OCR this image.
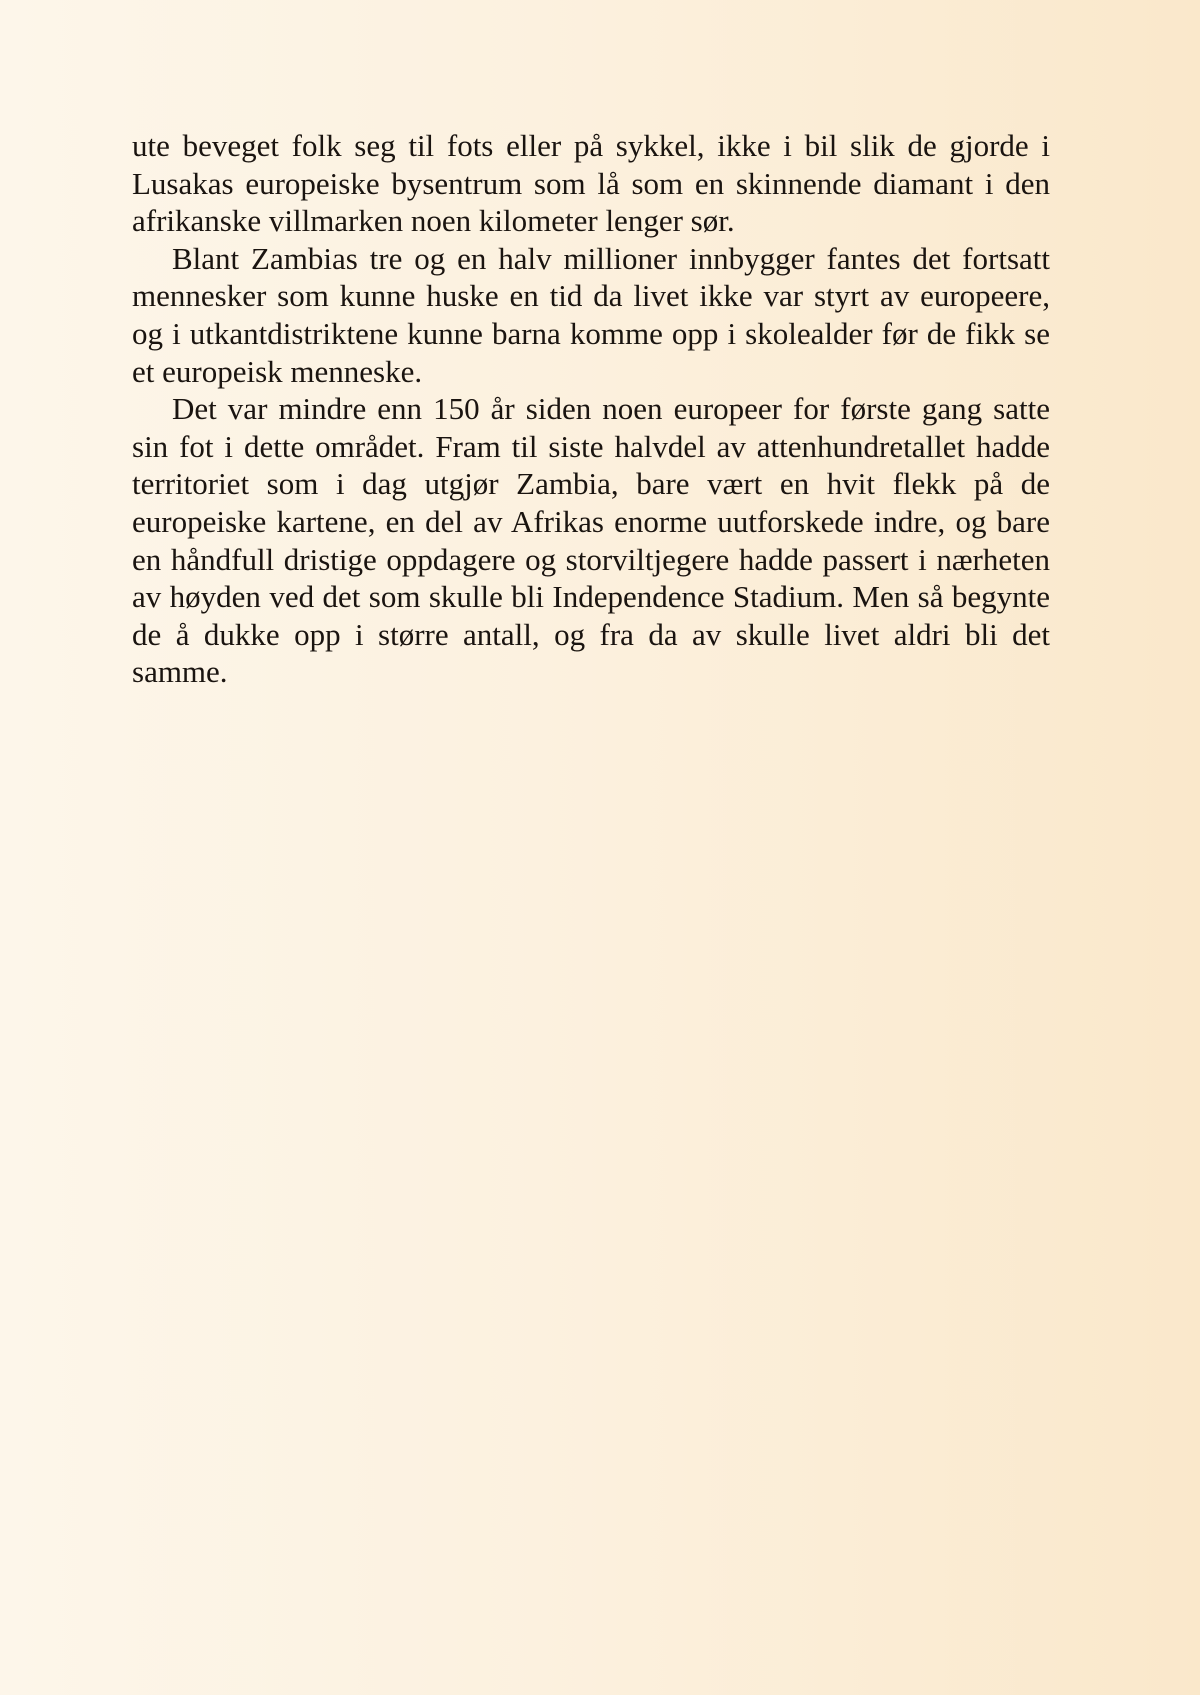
ute beveget folk seg til fots eller på sykkel, ikke i bil slik de gjorde i Lusakas europeiske bysentrum som lå som en skinnende diamant i den afrikanske villmarken noen kilometer lenger sør.

Blant Zambias tre og en halv millioner innbygger fantes det fortsatt mennesker som kunne huske en tid da livet ikke var styrt av europeere, og i utkantdistriktene kunne barna komme opp i skolealder før de fikk se et europeisk menneske.

Det var mindre enn 150 år siden noen europeer for første gang satte sin fot i dette området. Fram til siste halvdel av attenhundretallet hadde territoriet som i dag utgjør Zambia, bare vært en hvit flekk på de europeiske kartene, en del av Afrikas enorme uutforskede indre, og bare en håndfull dristige oppdagere og storviltjegere hadde passert i nærheten av høyden ved det som skulle bli Independence Stadium. Men så begynte de å dukke opp i større antall, og fra da av skulle livet aldri bli det samme.
